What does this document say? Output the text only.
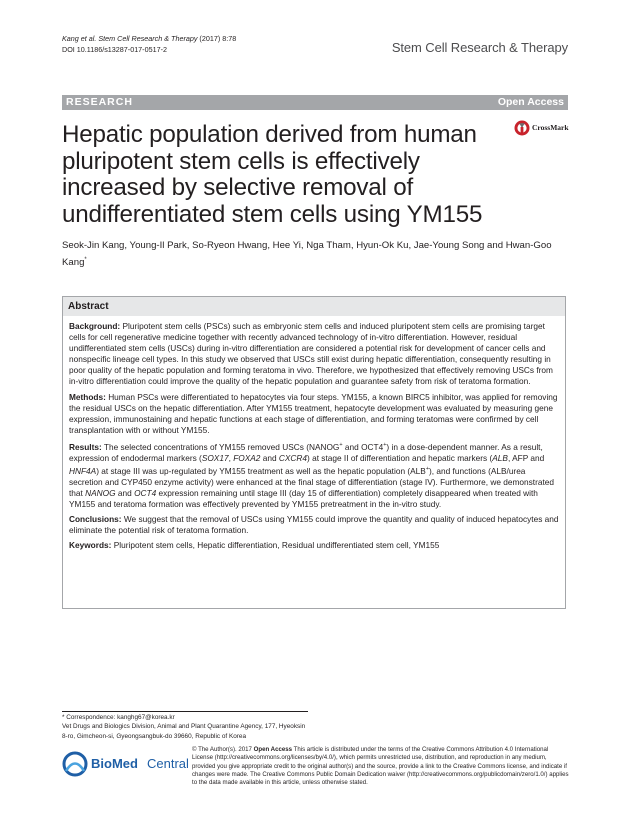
Kang et al. Stem Cell Research & Therapy (2017) 8:78
DOI 10.1186/s13287-017-0517-2	Stem Cell Research & Therapy
RESEARCH	Open Access
Hepatic population derived from human pluripotent stem cells is effectively increased by selective removal of undifferentiated stem cells using YM155
CrossMark
Seok-Jin Kang, Young-Il Park, So-Ryeon Hwang, Hee Yi, Nga Tham, Hyun-Ok Ku, Jae-Young Song and Hwan-Goo Kang*
Abstract

Background: Pluripotent stem cells (PSCs) such as embryonic stem cells and induced pluripotent stem cells are promising target cells for cell regenerative medicine together with recently advanced technology of in-vitro differentiation. However, residual undifferentiated stem cells (USCs) during in-vitro differentiation are considered a potential risk for development of cancer cells and nonspecific lineage cell types. In this study we observed that USCs still exist during hepatic differentiation, consequently resulting in poor quality of the hepatic population and forming teratoma in vivo. Therefore, we hypothesized that effectively removing USCs from in-vitro differentiation could improve the quality of the hepatic population and guarantee safety from risk of teratoma formation.

Methods: Human PSCs were differentiated to hepatocytes via four steps. YM155, a known BIRC5 inhibitor, was applied for removing the residual USCs on the hepatic differentiation. After YM155 treatment, hepatocyte development was evaluated by measuring gene expression, immunostaining and hepatic functions at each stage of differentiation, and forming teratomas were confirmed by cell transplantation with or without YM155.

Results: The selected concentrations of YM155 removed USCs (NANOG+ and OCT4+) in a dose-dependent manner. As a result, expression of endodermal markers (SOX17, FOXA2 and CXCR4) at stage II of differentiation and hepatic markers (ALB, AFP and HNF4A) at stage III was up-regulated by YM155 treatment as well as the hepatic population (ALB+), and functions (ALB/urea secretion and CYP450 enzyme activity) were enhanced at the final stage of differentiation (stage IV). Furthermore, we demonstrated that NANOG and OCT4 expression remaining until stage III (day 15 of differentiation) completely disappeared when treated with YM155 and teratoma formation was effectively prevented by YM155 pretreatment in the in-vitro study.

Conclusions: We suggest that the removal of USCs using YM155 could improve the quantity and quality of induced hepatocytes and eliminate the potential risk of teratoma formation.

Keywords: Pluripotent stem cells, Hepatic differentiation, Residual undifferentiated stem cell, YM155

* Correspondence: kanghg67@korea.kr
Vet Drugs and Biologics Division, Animal and Plant Quarantine Agency, 177, Hyeoksin 8-ro, Gimcheon-si, Gyeongsangbuk-do 39660, Republic of Korea
BioMed Central
© The Author(s). 2017 Open Access This article is distributed under the terms of the Creative Commons Attribution 4.0 International License (http://creativecommons.org/licenses/by/4.0/), which permits unrestricted use, distribution, and reproduction in any medium, provided you give appropriate credit to the original author(s) and the source, provide a link to the Creative Commons license, and indicate if changes were made. The Creative Commons Public Domain Dedication waiver (http://creativecommons.org/publicdomain/zero/1.0/) applies to the data made available in this article, unless otherwise stated.
